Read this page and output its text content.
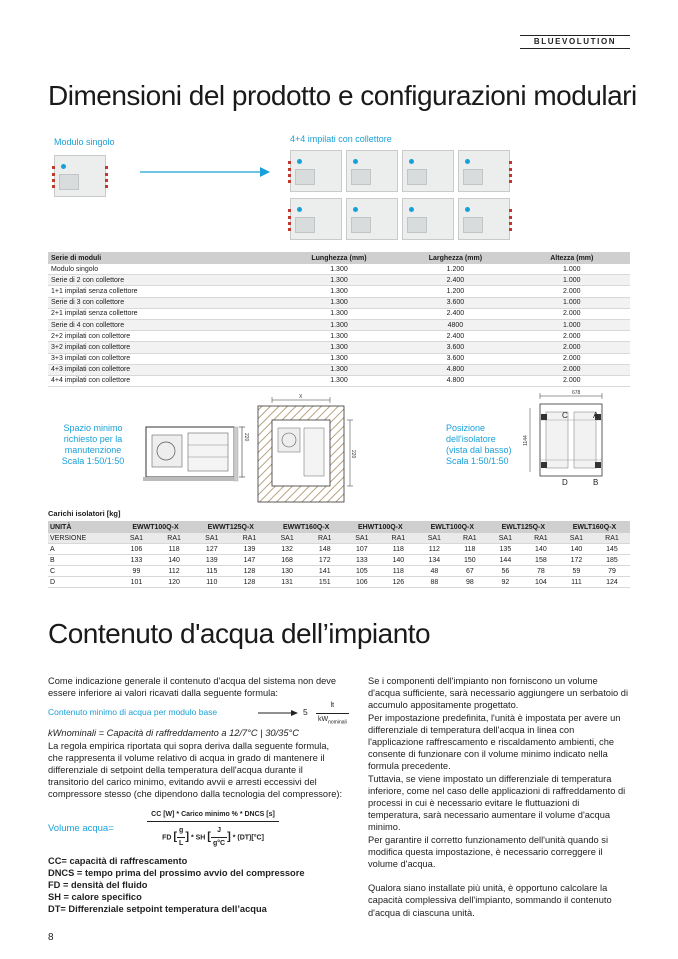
BLUEVOLUTION
Dimensioni del prodotto e configurazioni modulari
Modulo singolo	4+4 impilati con collettore
Serie di moduli	Lunghezza (mm)	Larghezza (mm)	Altezza (mm)
Modulo singolo	1.300	1.200	1.000
Serie di 2 con collettore	1.300	2.400	1.000
1+1 impilati senza collettore	1.300	1.200	2.000
Serie di 3 con collettore	1.300	3.600	1.000
2+1 impilati senza collettore	1.300	2.400	2.000
Serie di 4 con collettore	1.300	4800	1.000
2+2 impilati con collettore	1.300	2.400	2.000
3+2 impilati con collettore	1.300	3.600	2.000
3+3 impilati con collettore	1.300	3.600	2.000
4+3 impilati con collettore	1.300	4.800	2.000
4+4 impilati con collettore	1.300	4.800	2.000
Spazio minimo
richiesto per la
manutenzione
Scala 1:50/1:50
Posizione
dell'isolatore
(vista dal basso)
Scala 1:50/1:50
220
X
220
678
1144
C	A
D	B
Carichi isolatori [kg]
UNITÀ	EWWT100Q-X		EWWT125Q-X		EWWT160Q-X		EHWT100Q-X		EWLT100Q-X		EWLT125Q-X		EWLT160Q-X	
VERSIONE	SA1	RA1	SA1	RA1	SA1	RA1	SA1	RA1	SA1	RA1	SA1	RA1	SA1	RA1
A	106	118	127	139	132	148	107	118	112	118	135	140	140	145
B	133	140	139	147	168	172	133	140	134	150	144	158	172	185
C	99	112	115	128	130	141	105	118	48	67	56	78	59	79
D	101	120	110	128	131	151	106	126	88	98	92	104	111	124
Contenuto d'acqua dell’impianto

Come indicazione generale il contenuto d'acqua del sistema non deve essere inferiore ai valori ricavati dalla seguente formula:

Contenuto minimo di acqua per modulo base	5
lt
$kW_{nominali}$

kWnominali = Capacità di raffreddamento a 12/7°C | 30/35°C

La regola empirica riportata qui sopra deriva dalla seguente formula, che rappresenta il volume relativo di acqua in grado di mantenere il differenziale di setpoint della temperatura dell'acqua durante il transitorio del carico minimo, evitando avvii e arresti eccessivi del compressore stesso (che dipendono dalla tecnologia del compressore):

Volume acqua=
CC [W] * Carico minimo % * DNCS [s]
FD [ $\frac{g}{L}$ ] * SH [ $\frac{J}{g^\circ C}$ ] * (DT)[°C]

CC= capacità di raffrescamento

DNCS = tempo prima del prossimo avvio del compressore

FD = densità del fluido

SH = calore specifico

DT= Differenziale setpoint temperatura dell’acqua

Se i componenti dell'impianto non forniscono un volume d'acqua sufficiente, sarà necessario aggiungere un serbatoio di accumulo appositamente progettato.

Per impostazione predefinita, l'unità è impostata per avere un differenziale di temperatura dell'acqua in linea con l'applicazione raffrescamento e riscaldamento ambienti, che consente di funzionare con il volume minimo indicato nella formula precedente.

Tuttavia, se viene impostato un differenziale di temperatura inferiore, come nel caso delle applicazioni di raffreddamento di processi in cui è necessario evitare le fluttuazioni di temperatura, sarà necessario aumentare il volume d'acqua minimo.

Per garantire il corretto funzionamento dell'unità quando si modifica questa impostazione, è necessario correggere il volume d'acqua.

Qualora siano installate più unità, è opportuno calcolare la capacità complessiva dell'impianto, sommando il contenuto d'acqua di ciascuna unità.

8
